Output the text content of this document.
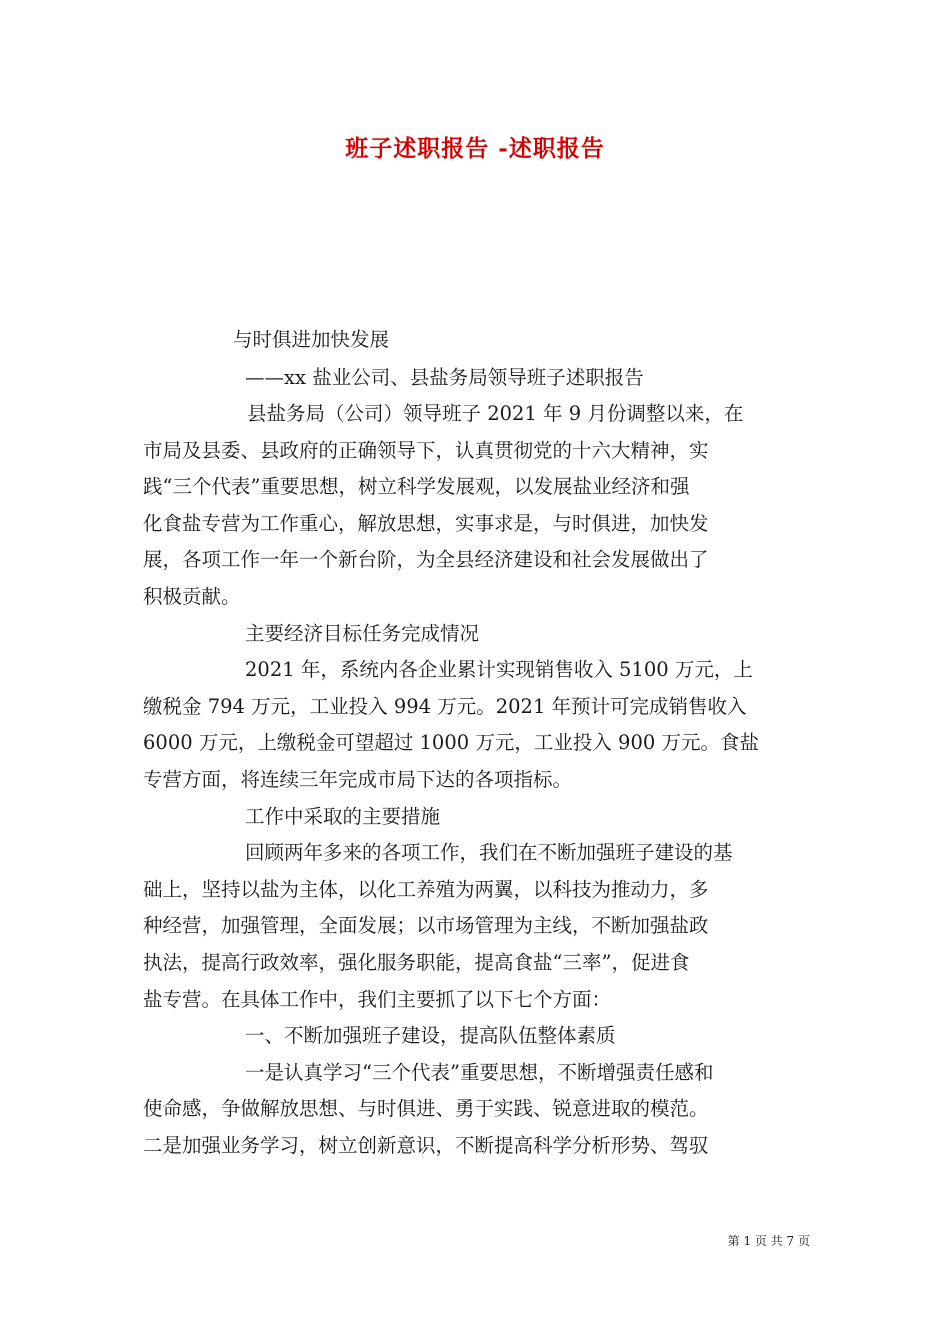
班子述职报告 -述职报告
与时俱进加快发展
——xx 盐业公司、县盐务局领导班子述职报告
县盐务局（公司）领导班子 2021 年 9 月份调整以来，在
市局及县委、县政府的正确领导下，认真贯彻党的十六大精神，实
践“三个代表”重要思想，树立科学发展观，以发展盐业经济和强
化食盐专营为工作重心，解放思想，实事求是，与时俱进，加快发
展，各项工作一年一个新台阶，为全县经济建设和社会发展做出了
积极贡献。
主要经济目标任务完成情况
2021 年，系统内各企业累计实现销售收入 5100 万元，上
缴税金 794 万元，工业投入 994 万元。2021 年预计可完成销售收入
6000 万元，上缴税金可望超过 1000 万元，工业投入 900 万元。食盐
专营方面，将连续三年完成市局下达的各项指标。
工作中采取的主要措施
回顾两年多来的各项工作，我们在不断加强班子建设的基
础上，坚持以盐为主体，以化工养殖为两翼，以科技为推动力，多
种经营，加强管理，全面发展；以市场管理为主线，不断加强盐政
执法，提高行政效率，强化服务职能，提高食盐“三率”，促进食
盐专营。在具体工作中，我们主要抓了以下七个方面：
一、不断加强班子建设，提高队伍整体素质
一是认真学习“三个代表”重要思想，不断增强责任感和
使命感，争做解放思想、与时俱进、勇于实践、锐意进取的模范。
二是加强业务学习，树立创新意识，不断提高科学分析形势、驾驭
第 1 页 共 7 页
